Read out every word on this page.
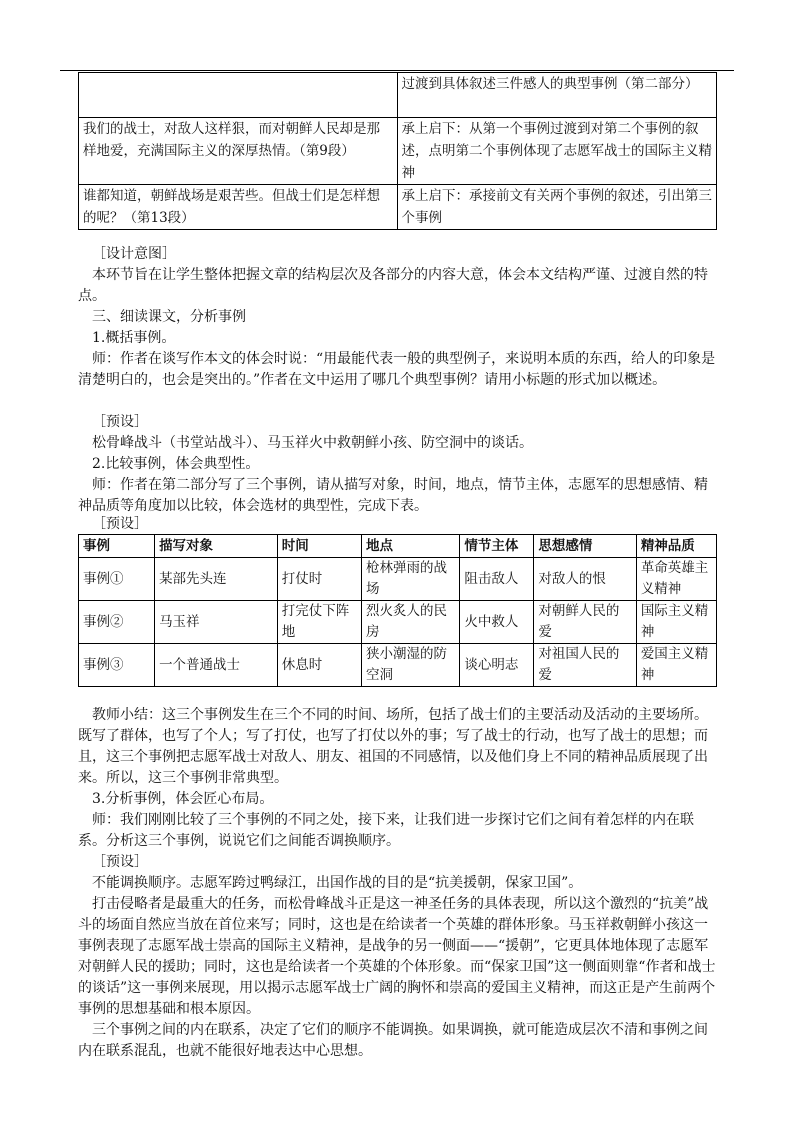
	过渡到具体叙述三件感人的典型事例（第二部分）
我们的战士，对敌人这样狠，而对朝鲜人民却是那样地爱，充满国际主义的深厚热情。（第9段）	承上启下：从第一个事例过渡到对第二个事例的叙述，点明第二个事例体现了志愿军战士的国际主义精神
谁都知道，朝鲜战场是艰苦些。但战士们是怎样想的呢？（第13段）	承上启下：承接前文有关两个事例的叙述，引出第三个事例

［设计意图］

本环节旨在让学生整体把握文章的结构层次及各部分的内容大意，体会本文结构严谨、过渡自然的特点。

三、细读课文，分析事例

1.概括事例。

师：作者在谈写作本文的体会时说：“用最能代表一般的典型例子，来说明本质的东西，给人的印象是清楚明白的，也会是突出的。”作者在文中运用了哪几个典型事例？请用小标题的形式加以概述。

［预设］

松骨峰战斗（书堂站战斗）、马玉祥火中救朝鲜小孩、防空洞中的谈话。

2.比较事例，体会典型性。

师：作者在第二部分写了三个事例，请从描写对象，时间，地点，情节主体，志愿军的思想感情、精神品质等角度加以比较，体会选材的典型性，完成下表。

［预设］

事例	描写对象	时间	地点	情节主体	思想感情	精神品质
事例①	某部先头连	打仗时	枪林弹雨的战场	阻击敌人	对敌人的恨	革命英雄主义精神
事例②	马玉祥	打完仗下阵地	烈火炙人的民房	火中救人	对朝鲜人民的爱	国际主义精神
事例③	一个普通战士	休息时	狭小潮湿的防空洞	谈心明志	对祖国人民的爱	爱国主义精神

教师小结：这三个事例发生在三个不同的时间、场所，包括了战士们的主要活动及活动的主要场所。既写了群体，也写了个人；写了打仗，也写了打仗以外的事；写了战士的行动，也写了战士的思想；而且，这三个事例把志愿军战士对敌人、朋友、祖国的不同感情，以及他们身上不同的精神品质展现了出来。所以，这三个事例非常典型。

3.分析事例，体会匠心布局。

师：我们刚刚比较了三个事例的不同之处，接下来，让我们进一步探讨它们之间有着怎样的内在联系。分析这三个事例，说说它们之间能否调换顺序。

［预设］

不能调换顺序。志愿军跨过鸭绿江，出国作战的目的是“抗美援朝，保家卫国”。

打击侵略者是最重大的任务，而松骨峰战斗正是这一神圣任务的具体表现，所以这个激烈的“抗美”战斗的场面自然应当放在首位来写；同时，这也是在给读者一个英雄的群体形象。马玉祥救朝鲜小孩这一事例表现了志愿军战士崇高的国际主义精神，是战争的另一侧面——“援朝”，它更具体地体现了志愿军对朝鲜人民的援助；同时，这也是给读者一个英雄的个体形象。而“保家卫国”这一侧面则靠“作者和战士的谈话”这一事例来展现，用以揭示志愿军战士广阔的胸怀和崇高的爱国主义精神，而这正是产生前两个事例的思想基础和根本原因。

三个事例之间的内在联系，决定了它们的顺序不能调换。如果调换，就可能造成层次不清和事例之间内在联系混乱，也就不能很好地表达中心思想。
